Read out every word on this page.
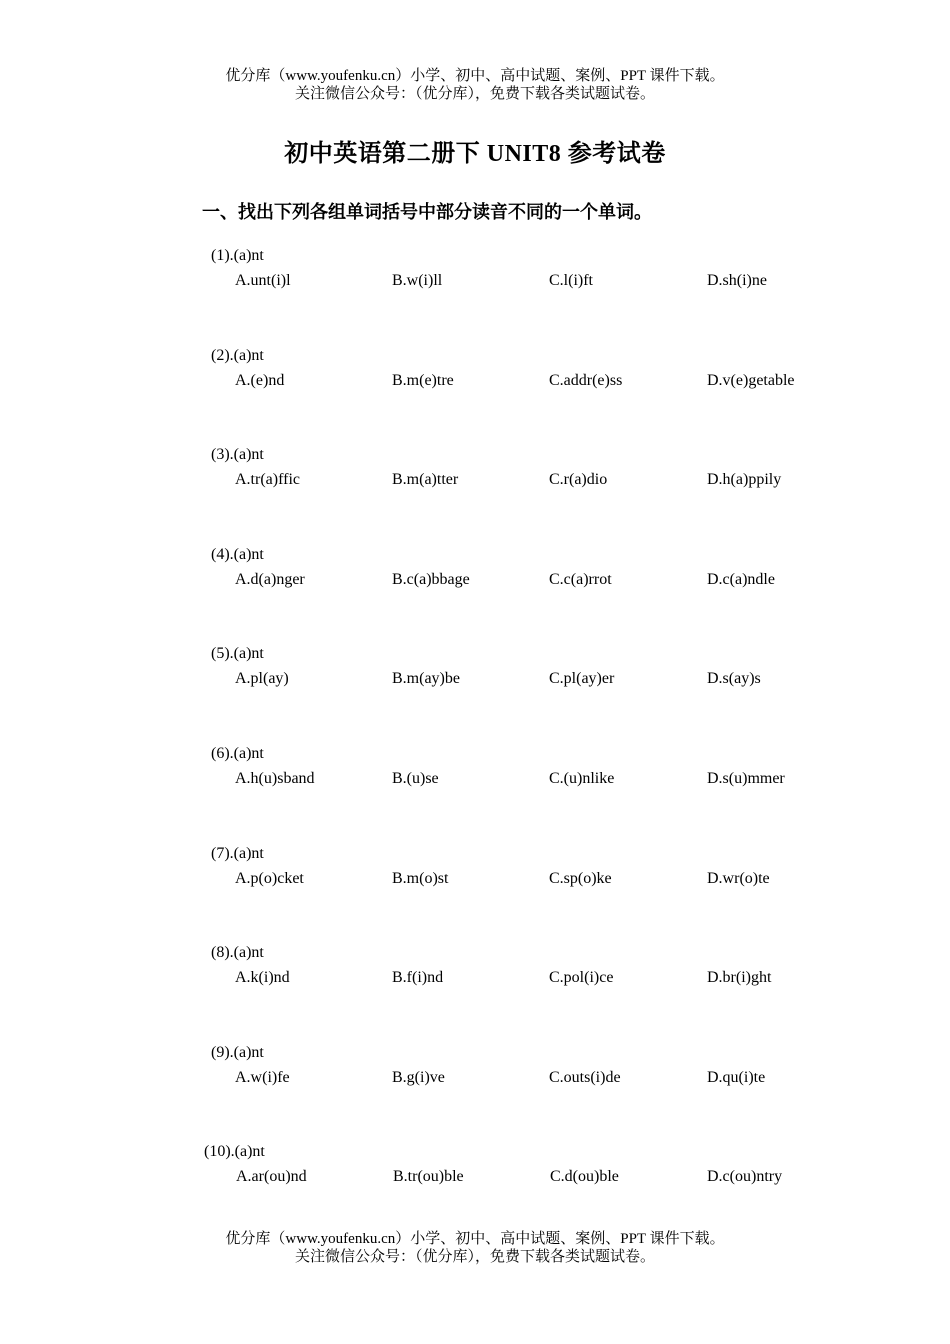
优分库（www.youfenku.cn）小学、初中、高中试题、案例、PPT 课件下载。
关注微信公众号：（优分库），免费下载各类试题试卷。
初中英语第二册下 UNIT8 参考试卷
一、找出下列各组单词括号中部分读音不同的一个单词。
(1).(a)nt
A.unt(i)l	B.w(i)ll	C.l(i)ft	D.sh(i)ne
(2).(a)nt
A.(e)nd	B.m(e)tre	C.addr(e)ss	D.v(e)getable
(3).(a)nt
A.tr(a)ffic	B.m(a)tter	C.r(a)dio	D.h(a)ppily
(4).(a)nt
A.d(a)nger	B.c(a)bbage	C.c(a)rrot	D.c(a)ndle
(5).(a)nt
A.pl(ay)	B.m(ay)be	C.pl(ay)er	D.s(ay)s
(6).(a)nt
A.h(u)sband	B.(u)se	C.(u)nlike	D.s(u)mmer
(7).(a)nt
A.p(o)cket	B.m(o)st	C.sp(o)ke	D.wr(o)te
(8).(a)nt
A.k(i)nd	B.f(i)nd	C.pol(i)ce	D.br(i)ght
(9).(a)nt
A.w(i)fe	B.g(i)ve	C.outs(i)de	D.qu(i)te
(10).(a)nt
A.ar(ou)nd	B.tr(ou)ble	C.d(ou)ble	D.c(ou)ntry
优分库（www.youfenku.cn）小学、初中、高中试题、案例、PPT 课件下载。
关注微信公众号：（优分库），免费下载各类试题试卷。
